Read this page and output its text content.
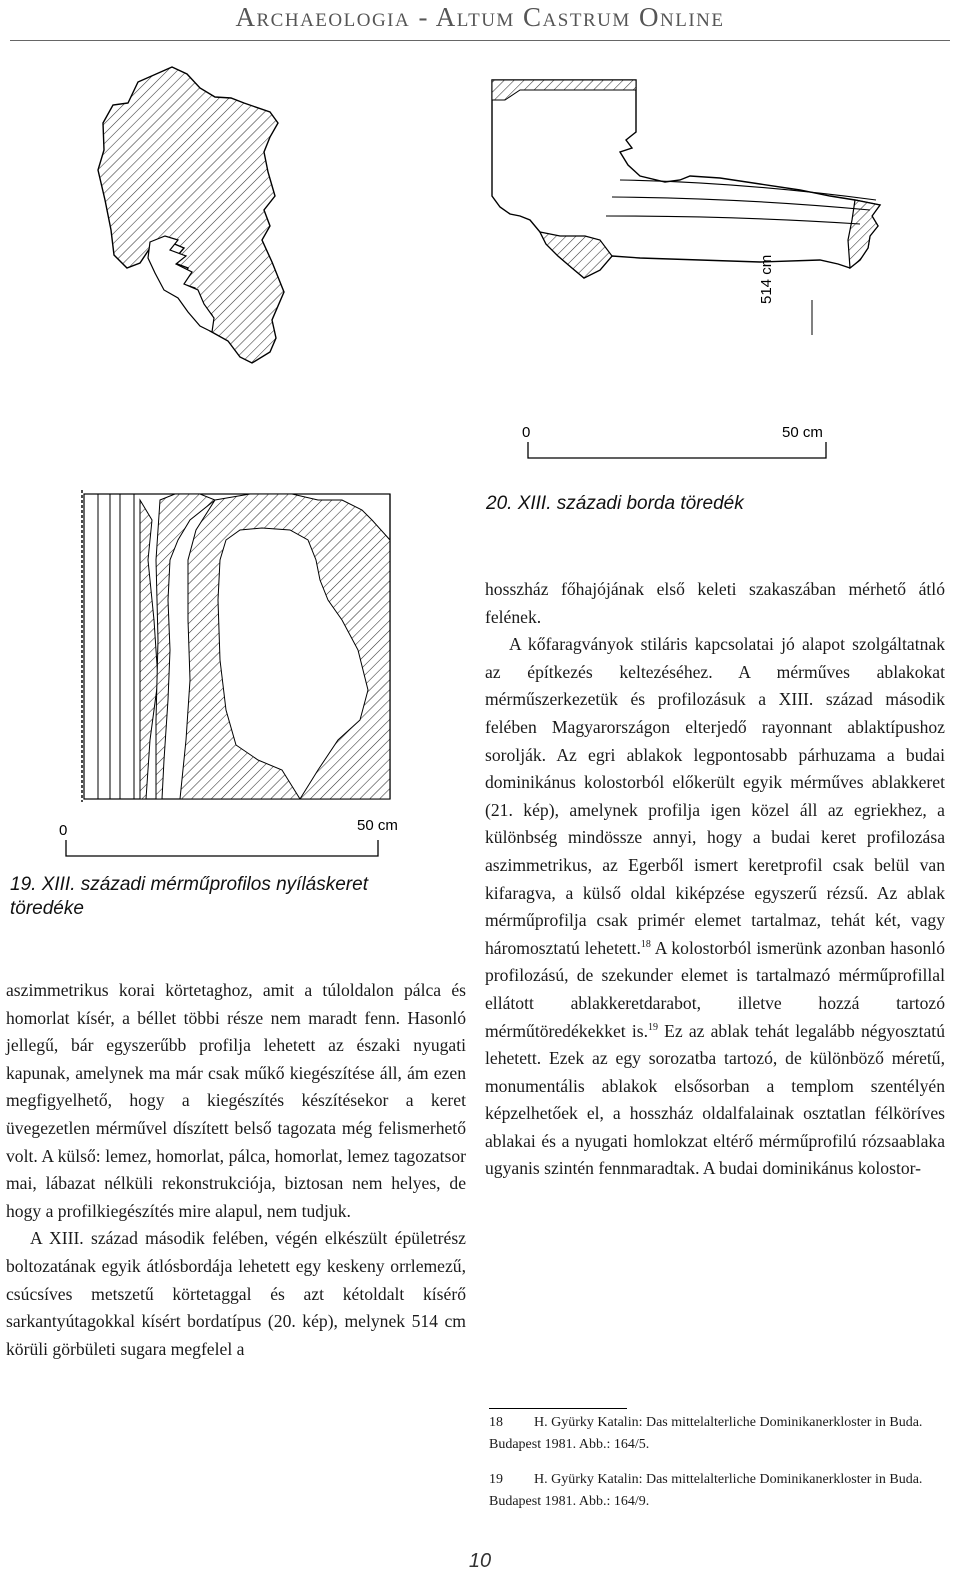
Archaeologia - Altum Castrum Online
0	50 cm
514 cm
20. XIII. századi borda töredék
0	50 cm
19. XIII. századi mérműprofilos nyíláskeret
töredéke

aszimmetrikus korai körtetaghoz, amit a túloldalon pálca és homorlat kísér, a béllet többi része nem maradt fenn. Hasonló jellegű, bár egyszerűbb profilja lehetett az északi nyugati kapunak, amelynek ma már csak műkő kiegészítése áll, ám ezen megfigyelhető, hogy a kiegészítés készítésekor a keret üvegezetlen mérművel díszített belső tagozata még felismerhető volt. A külső: lemez, homorlat, pálca, homorlat, lemez tagozatsor mai, lábazat nélküli rekonstrukciója, biztosan nem helyes, de hogy a profilkiegészítés mire alapul, nem tudjuk.

A XIII. század második felében, végén elkészült épületrész boltozatának egyik átlósbordája lehetett egy keskeny orrlemezű, csúcsíves metszetű körtetaggal és azt kétoldalt kísérő sarkantyútagokkal kísért bordatípus (20. kép), melynek 514 cm körüli görbületi sugara megfelel a

hosszház főhajójának első keleti szakaszában mérhető átló felének.

A kőfaragványok stiláris kapcsolatai jó alapot szolgáltatnak az építkezés keltezéséhez. A mérműves ablakokat mérműszerkezetük és profilozásuk a XIII. század második felében Magyarországon elterjedő rayonnant ablaktípushoz sorolják. Az egri ablakok legpontosabb párhuzama a budai dominikánus kolostorból előkerült egyik mérműves ablakkeret (21. kép), amelynek profilja igen közel áll az egriekhez, a különbség mindössze annyi, hogy a budai keret profilozása aszimmetrikus, az Egerből ismert keretprofil csak belül van kifaragva, a külső oldal kiképzése egyszerű rézsű. Az ablak mérműprofilja csak primér elemet tartalmaz, tehát két, vagy háromosztatú lehetett.$^{18}$ A kolostorból ismerünk azonban hasonló profilozású, de szekunder elemet is tartalmazó mérműprofillal ellátott ablakkeretdarabot, illetve hozzá tartozó mérműtöredékekket is.$^{19}$ Ez az ablak tehát legalább négyosztatú lehetett. Ezek az egy sorozatba tartozó, de különböző méretű, monumentális ablakok elsősorban a templom szentélyén képzelhetőek el, a hosszház oldalfalainak osztatlan félköríves ablakai és a nyugati homlokzat eltérő mérműprofilú rózsaablaka ugyanis szintén fennmaradtak. A budai dominikánus kolostor-

18 H. Gyürky Katalin: Das mittelalterliche Dominikanerkloster in Buda. Budapest 1981. Abb.: 164/5.
19 H. Gyürky Katalin: Das mittelalterliche Dominikanerkloster in Buda. Budapest 1981. Abb.: 164/9.
10
